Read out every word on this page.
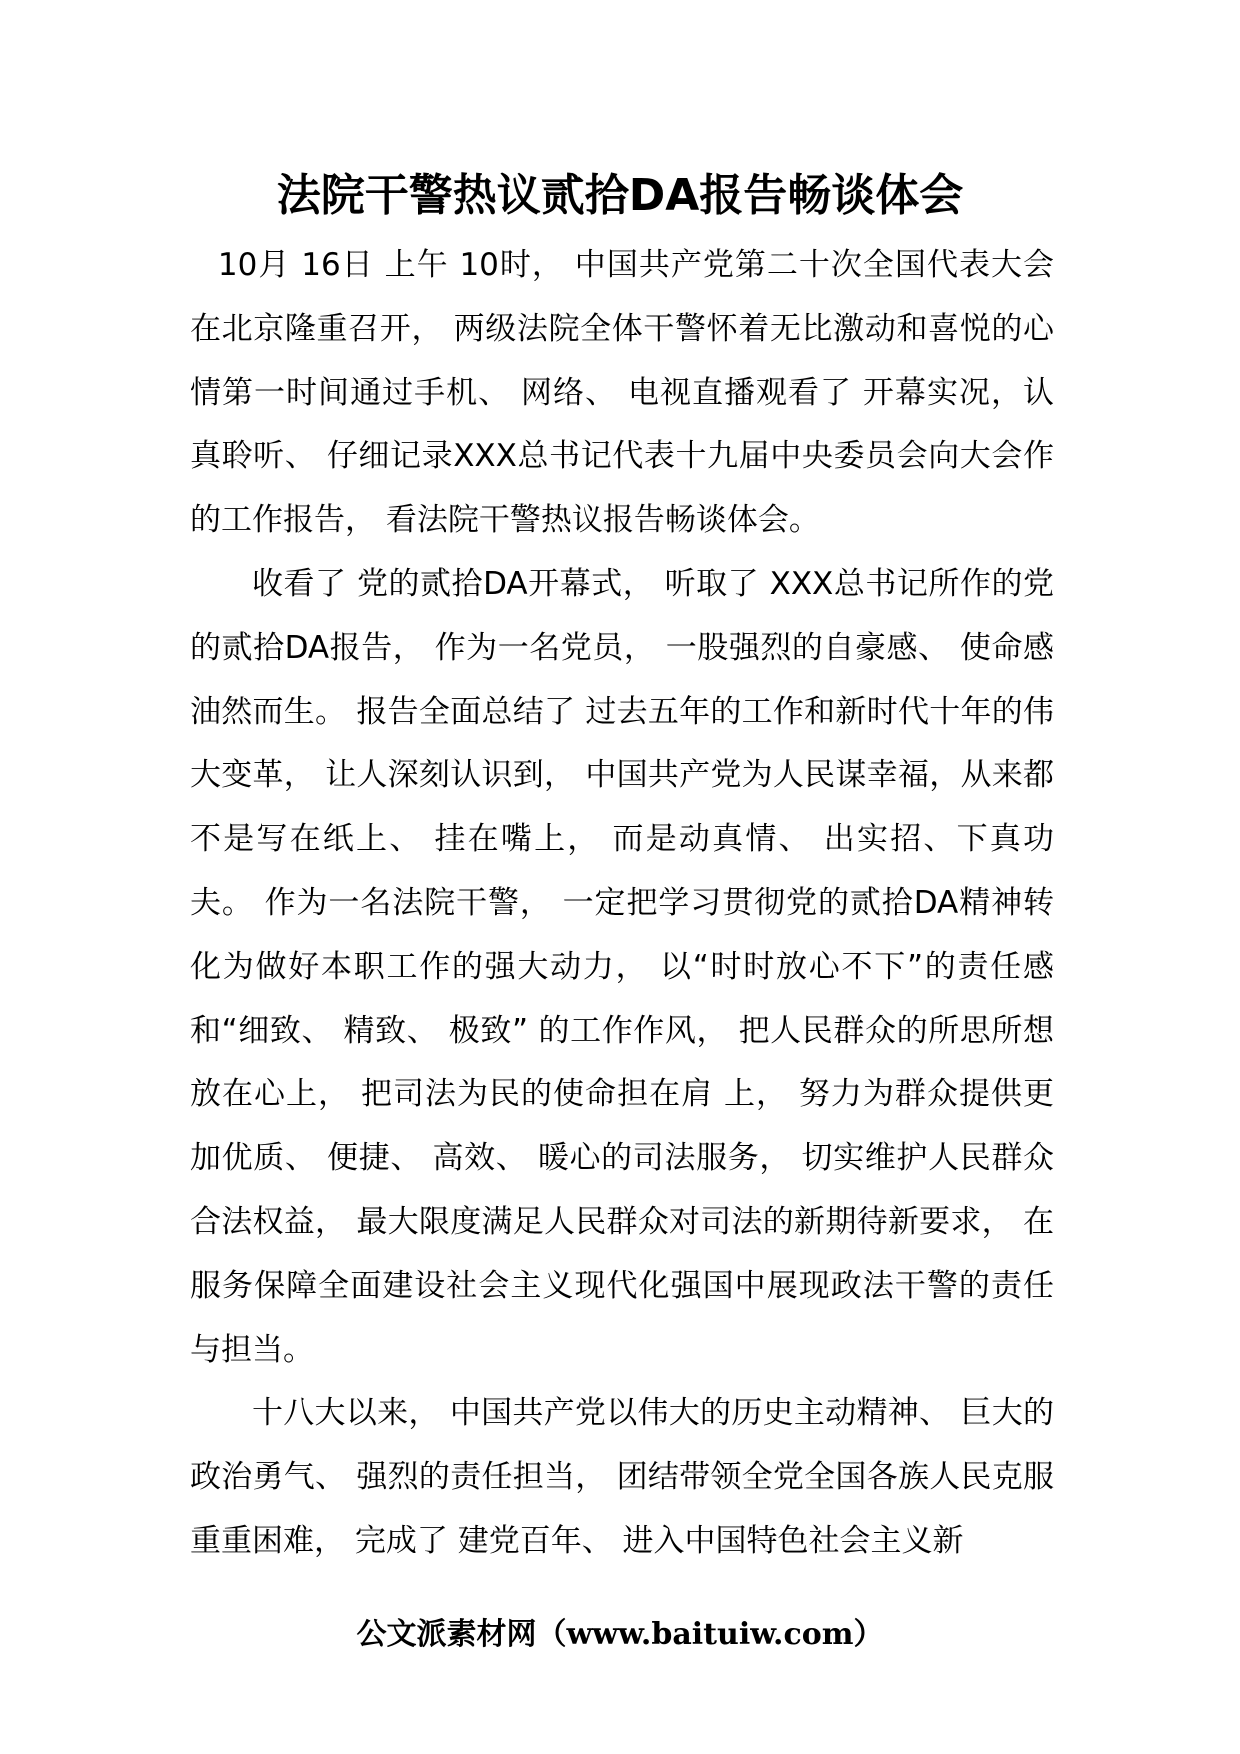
法院干警热议贰拾DA报告畅谈体会

10月 16日 上午 10时， 中国共产党第二十次全国代表大会在北京隆重召开， 两级法院全体干警怀着无比激动和喜悦的心情第一时间通过手机、 网络、 电视直播观看了 开幕实况，认真聆听、 仔细记录XXX总书记代表十九届中央委员会向大会作的工作报告， 看法院干警热议报告畅谈体会。

收看了 党的贰拾DA开幕式， 听取了 XXX总书记所作的党的贰拾DA报告， 作为一名党员， 一股强烈的自豪感、 使命感油然而生。 报告全面总结了 过去五年的工作和新时代十年的伟大变革， 让人深刻认识到， 中国共产党为人民谋幸福，从来都不是写在纸上、 挂在嘴上， 而是动真情、 出实招、下真功夫。 作为一名法院干警， 一定把学习贯彻党的贰拾DA精神转化为做好本职工作的强大动力， 以“时时放心不下”的责任感和“细致、 精致、 极致” 的工作作风， 把人民群众的所思所想放在心上， 把司法为民的使命担在肩 上， 努力为群众提供更加优质、 便捷、 高效、 暖心的司法服务， 切实维护人民群众合法权益， 最大限度满足人民群众对司法的新期待新要求， 在服务保障全面建设社会主义现代化强国中展现政法干警的责任与担当。

十八大以来， 中国共产党以伟大的历史主动精神、 巨大的政治勇气、 强烈的责任担当， 团结带领全党全国各族人民克服重重困难， 完成了 建党百年、 进入中国特色社会主义新

公文派素材网（www.baituiw.com）
